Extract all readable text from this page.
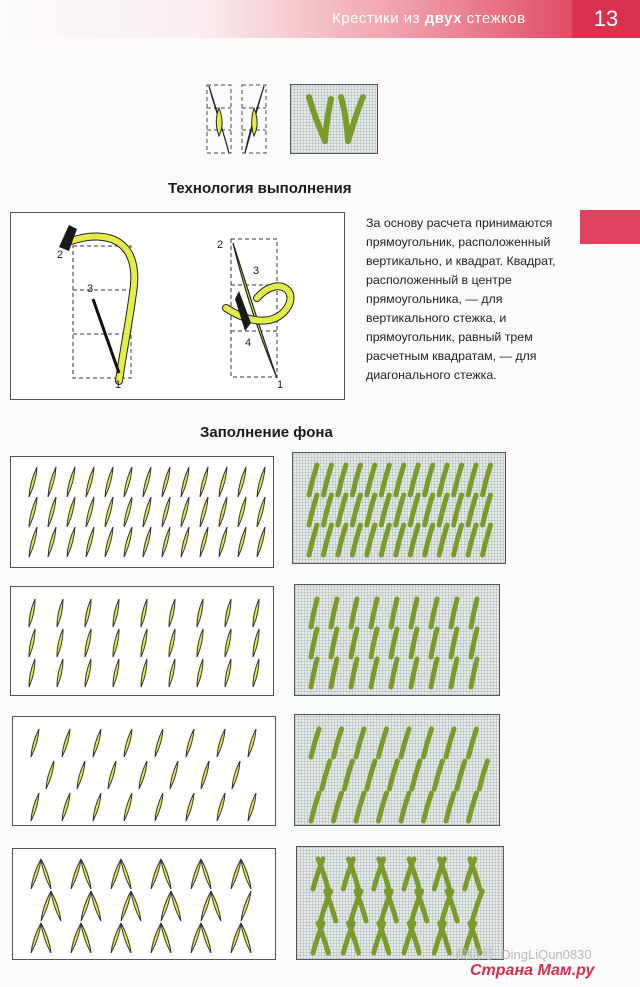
Крестики из двух стежков	13
Технология выполнения
2
3
1
2
3
4
1
За основу расчета принимаются прямоугольник, расположенный вертикально, и квадрат. Квадрат, расположенный в центре прямоугольника, — для вертикального стежка, и прямоугольник, равный трем расчетным квадратам, — для диагонального стежка.
Заполнение фона
微信号: DingLiQun0830
Страна Мам.ру
